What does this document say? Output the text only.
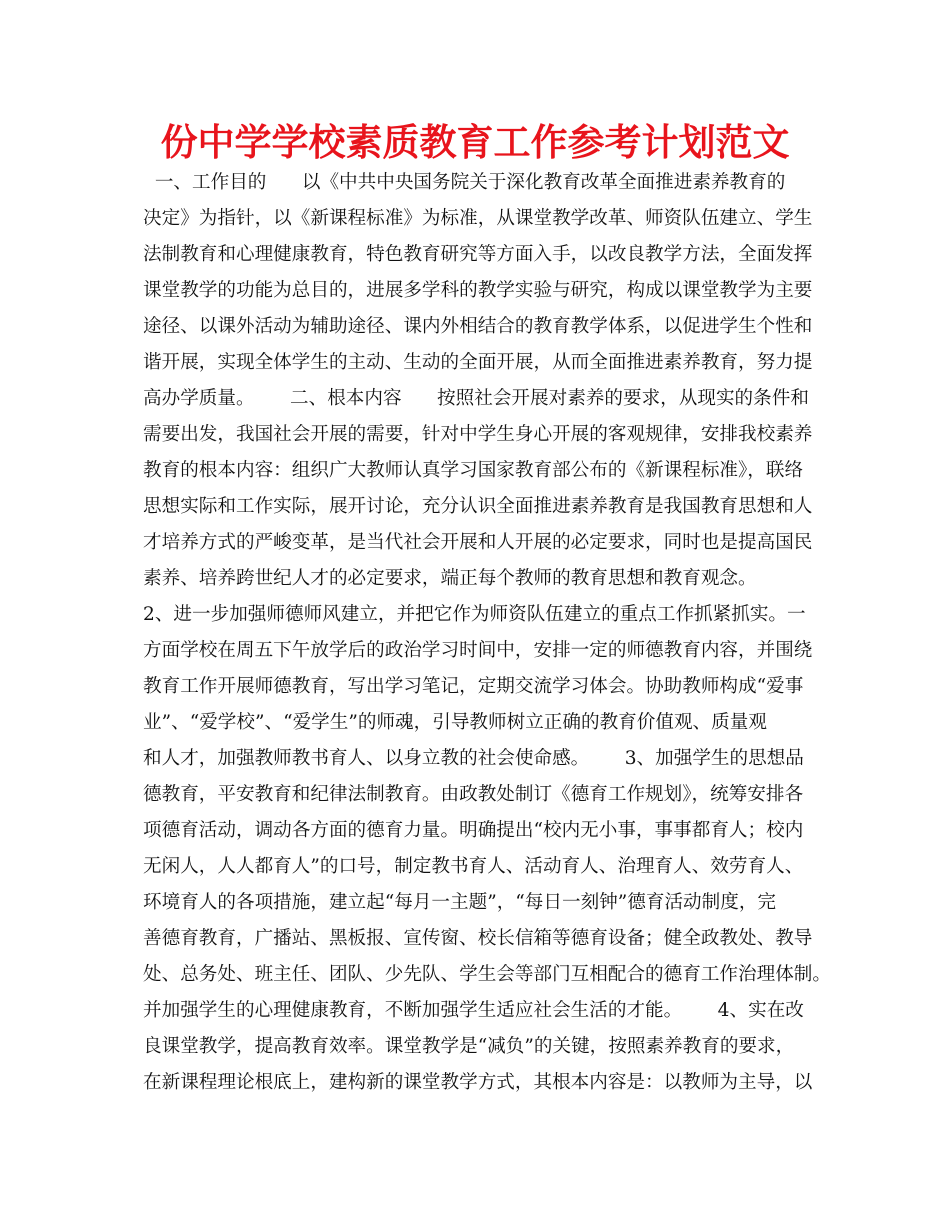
份中学学校素质教育工作参考计划范文
一、工作目的      以《中共中央国务院关于深化教育改革全面推进素养教育的
决定》为指针，以《新课程标准》为标准，从课堂教学改革、师资队伍建立、学生
法制教育和心理健康教育，特色教育研究等方面入手，以改良教学方法，全面发挥
课堂教学的功能为总目的，进展多学科的教学实验与研究，构成以课堂教学为主要
途径、以课外活动为辅助途径、课内外相结合的教育教学体系，以促进学生个性和
谐开展，实现全体学生的主动、生动的全面开展，从而全面推进素养教育，努力提
高办学质量。      二、根本内容      按照社会开展对素养的要求，从现实的条件和
需要出发，我国社会开展的需要，针对中学生身心开展的客观规律，安排我校素养
教育的根本内容：组织广大教师认真学习国家教育部公布的《新课程标准》，联络
思想实际和工作实际，展开讨论，充分认识全面推进素养教育是我国教育思想和人
才培养方式的严峻变革，是当代社会开展和人开展的必定要求，同时也是提高国民
素养、培养跨世纪人才的必定要求，端正每个教师的教育思想和教育观念。
2、进一步加强师德师风建立，并把它作为师资队伍建立的重点工作抓紧抓实。一
方面学校在周五下午放学后的政治学习时间中，安排一定的师德教育内容，并围绕
教育工作开展师德教育，写出学习笔记，定期交流学习体会。协助教师构成“爱事
业”、“爱学校”、“爱学生”的师魂，引导教师树立正确的教育价值观、质量观
和人才，加强教师教书育人、以身立教的社会使命感。      3、加强学生的思想品
德教育，平安教育和纪律法制教育。由政教处制订《德育工作规划》，统筹安排各
项德育活动，调动各方面的德育力量。明确提出“校内无小事，事事都育人；校内
无闲人，人人都育人”的口号，制定教书育人、活动育人、治理育人、效劳育人、
环境育人的各项措施，建立起“每月一主题”，“每日一刻钟”德育活动制度，完
善德育教育，广播站、黑板报、宣传窗、校长信箱等德育设备；健全政教处、教导
处、总务处、班主任、团队、少先队、学生会等部门互相配合的德育工作治理体制。
并加强学生的心理健康教育，不断加强学生适应社会生活的才能。      4、实在改
良课堂教学，提高教育效率。课堂教学是“减负”的关键，按照素养教育的要求，
在新课程理论根底上，建构新的课堂教学方式，其根本内容是：以教师为主导，以
